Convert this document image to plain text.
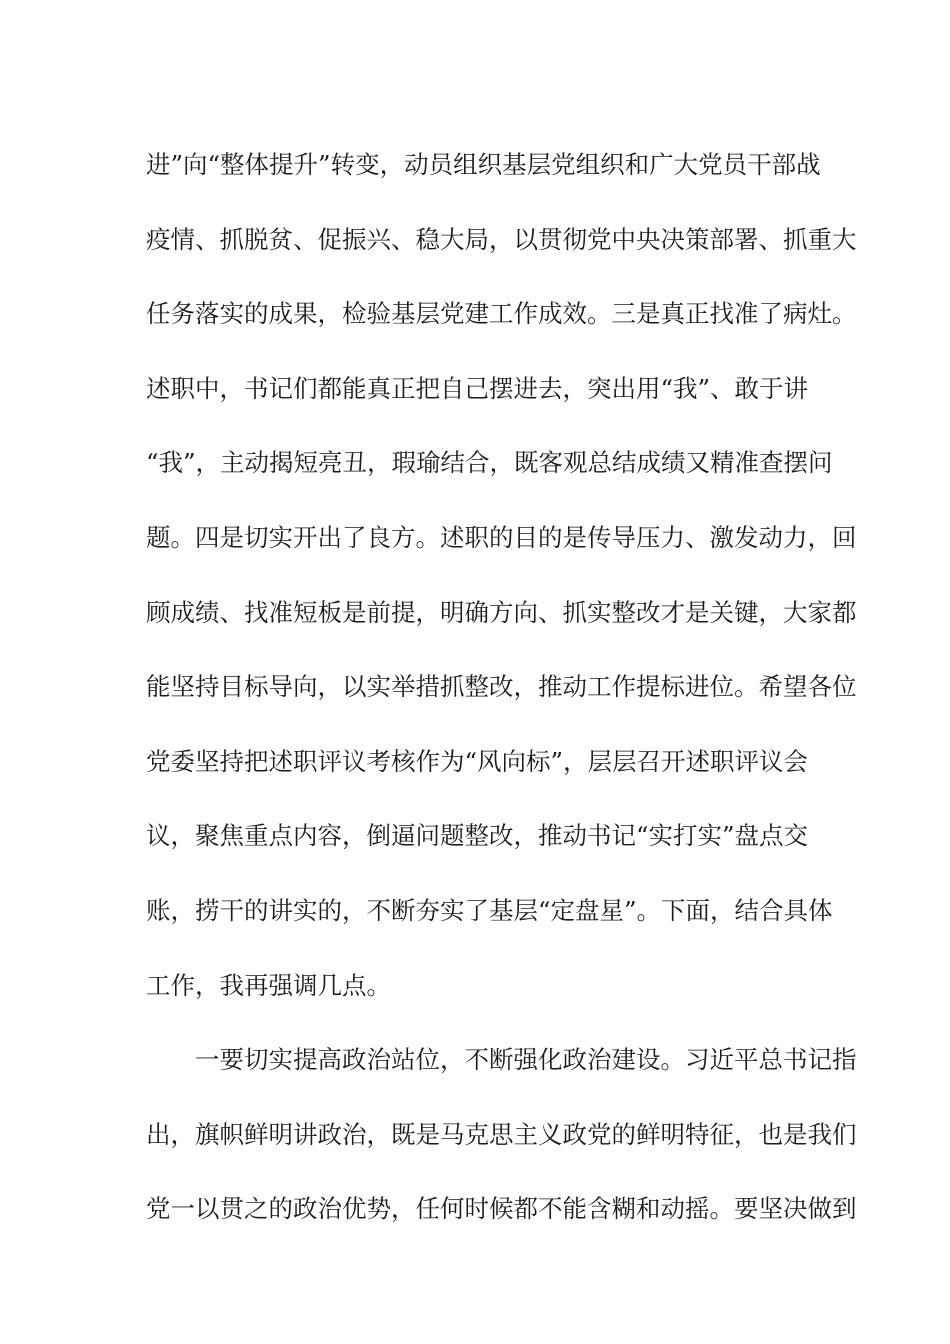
进”向“整体提升”转变，动员组织基层党组织和广大党员干部战
疫情、抓脱贫、促振兴、稳大局，以贯彻党中央决策部署、抓重大
任务落实的成果，检验基层党建工作成效。三是真正找准了病灶。
述职中，书记们都能真正把自己摆进去，突出用“我”、敢于讲
“我”，主动揭短亮丑，瑕瑜结合，既客观总结成绩又精准查摆问
题。四是切实开出了良方。述职的目的是传导压力、激发动力，回
顾成绩、找准短板是前提，明确方向、抓实整改才是关键，大家都
能坚持目标导向，以实举措抓整改，推动工作提标进位。希望各位
党委坚持把述职评议考核作为“风向标”，层层召开述职评议会
议，聚焦重点内容，倒逼问题整改，推动书记“实打实”盘点交
账，捞干的讲实的，不断夯实了基层“定盘星”。下面，结合具体
工作，我再强调几点。
一要切实提高政治站位，不断强化政治建设。习近平总书记指
出，旗帜鲜明讲政治，既是马克思主义政党的鲜明特征，也是我们
党一以贯之的政治优势，任何时候都不能含糊和动摇。要坚决做到
